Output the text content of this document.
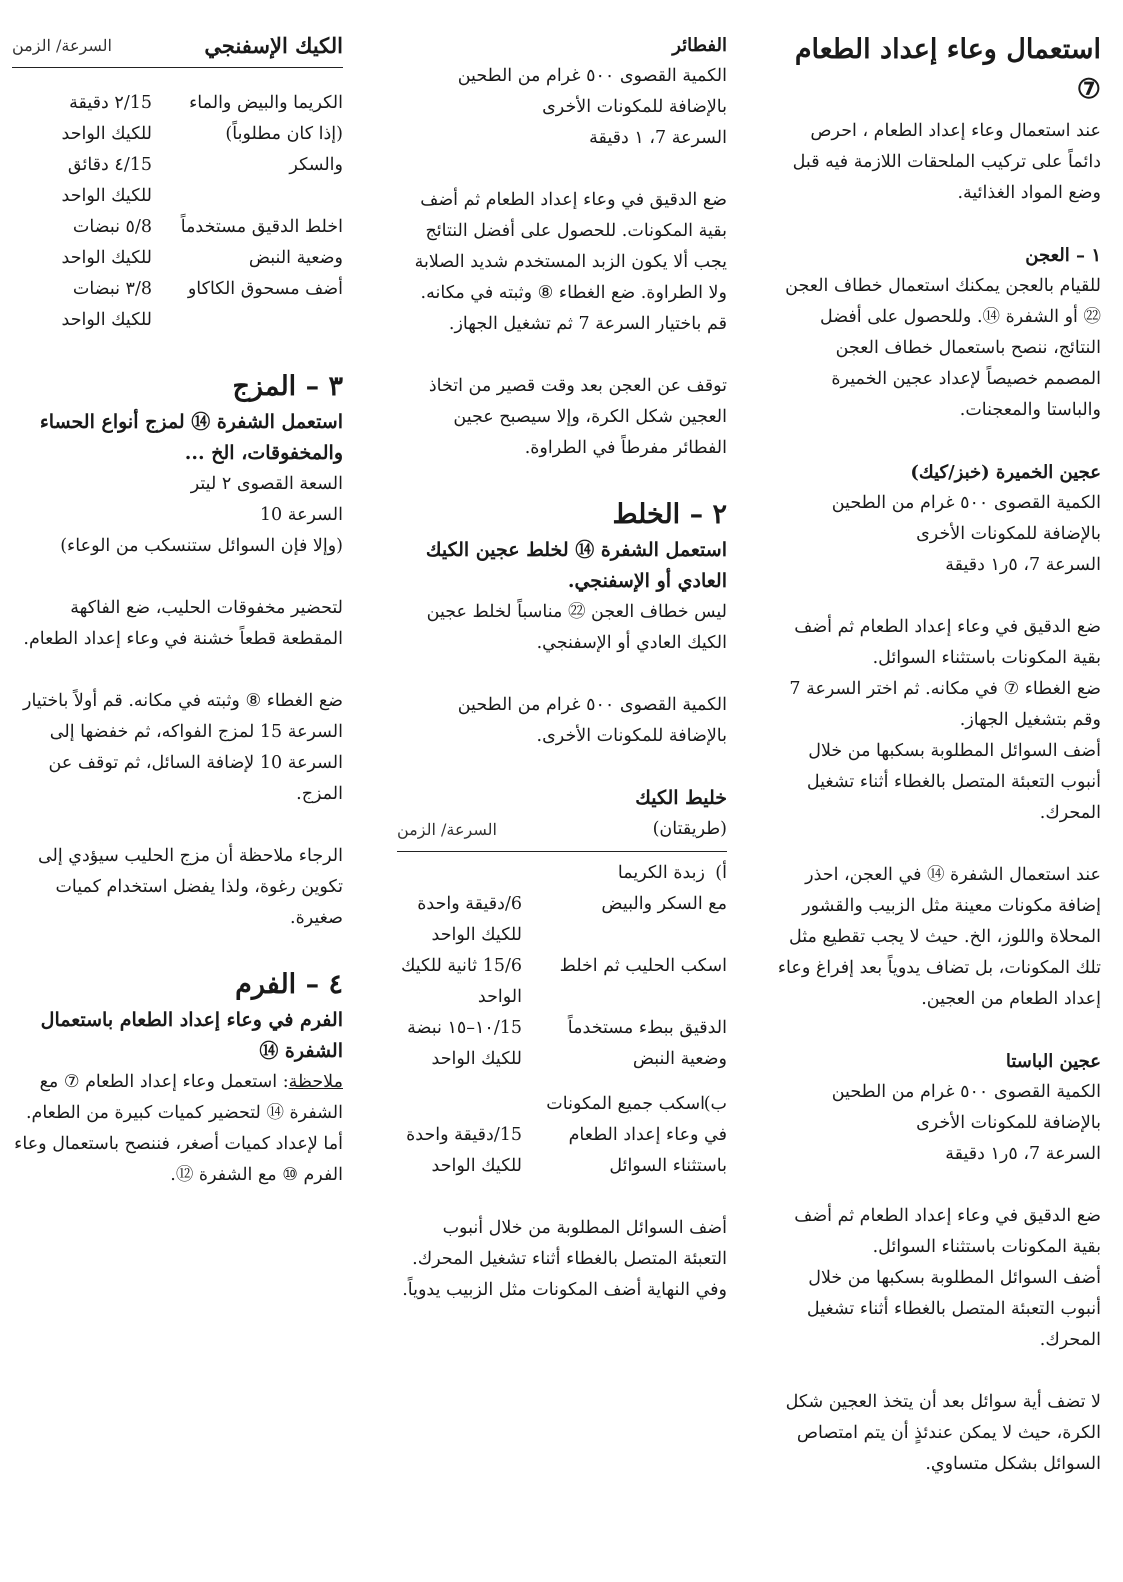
استعمال وعاء إعداد الطعام ⑦

عند استعمال وعاء إعداد الطعام ، احرص دائماً على تركيب الملحقات اللازمة فيه قبل وضع المواد الغذائية.

١ – العجن

للقيام بالعجن يمكنك استعمال خطاف العجن ㉒ أو الشفرة ⑭. وللحصول على أفضل النتائج، ننصح باستعمال خطاف العجن المصمم خصيصاً لإعداد عجين الخميرة والباستا والمعجنات.

عجين الخميرة (خبز/كيك)

الكمية القصوى ٥٠٠ غرام من الطحين بالإضافة للمكونات الأخرى

السرعة 7، ٥ر١ دقيقة

ضع الدقيق في وعاء إعداد الطعام ثم أضف بقية المكونات باستثناء السوائل.

ضع الغطاء ⑦ في مكانه. ثم اختر السرعة 7 وقم بتشغيل الجهاز.

أضف السوائل المطلوبة بسكبها من خلال أنبوب التعبئة المتصل بالغطاء أثناء تشغيل المحرك.

عند استعمال الشفرة ⑭ في العجن، احذر إضافة مكونات معينة مثل الزبيب والقشور المحلاة واللوز، الخ. حيث لا يجب تقطيع مثل تلك المكونات، بل تضاف يدوياً بعد إفراغ وعاء إعداد الطعام من العجين.

عجين الباستا

الكمية القصوى ٥٠٠ غرام من الطحين بالإضافة للمكونات الأخرى

السرعة 7، ٥ر١ دقيقة

ضع الدقيق في وعاء إعداد الطعام ثم أضف بقية المكونات باستثناء السوائل.

أضف السوائل المطلوبة بسكبها من خلال أنبوب التعبئة المتصل بالغطاء أثناء تشغيل المحرك.

لا تضف أية سوائل بعد أن يتخذ العجين شكل الكرة، حيث لا يمكن عندئذٍ أن يتم امتصاص السوائل بشكل متساوي.

الفطائر

الكمية القصوى ٥٠٠ غرام من الطحين بالإضافة للمكونات الأخرى

السرعة 7، ١ دقيقة

ضع الدقيق في وعاء إعداد الطعام ثم أضف بقية المكونات. للحصول على أفضل النتائج يجب ألا يكون الزبد المستخدم شديد الصلابة ولا الطراوة. ضع الغطاء ⑧ وثبته في مكانه. قم باختيار السرعة 7 ثم تشغيل الجهاز.

توقف عن العجن بعد وقت قصير من اتخاذ العجين شكل الكرة، وإلا سيصبح عجين الفطائر مفرطاً في الطراوة.

٢ – الخلط

استعمل الشفرة ⑭ لخلط عجين الكيك العادي أو الإسفنجي.

ليس خطاف العجن ㉒ مناسباً لخلط عجين الكيك العادي أو الإسفنجي.

الكمية القصوى ٥٠٠ غرام من الطحين بالإضافة للمكونات الأخرى.

خليط الكيك
(طريقتان)
السرعة/ الزمن

أ)زبدة الكريما

مع السكر والبيض
6/دقيقة واحدة للكيك الواحد
اسكب الحليب ثم اخلط
15/6 ثانية للكيك الواحد
الدقيق ببطء مستخدماً وضعية النبض
15/١٠–١٥ نبضة للكيك الواحد
ب)اسكب جميع المكونات في وعاء إعداد الطعام باستثناء السوائل
15/دقيقة واحدة للكيك الواحد

أضف السوائل المطلوبة من خلال أنبوب التعبئة المتصل بالغطاء أثناء تشغيل المحرك. وفي النهاية أضف المكونات مثل الزبيب يدوياً.

الكيك الإسفنجي
السرعة/ الزمن
الكريما والبيض والماء
15/٢ دقيقة
(إذا كان مطلوباً)
للكيك الواحد
والسكر
15/٤ دقائق
للكيك الواحد
اخلط الدقيق مستخدماً
8/٥ نبضات
وضعية النبض
للكيك الواحد
أضف مسحوق الكاكاو
8/٣ نبضات
للكيك الواحد
٣ – المزج

استعمل الشفرة ⑭ لمزج أنواع الحساء والمخفوقات، الخ ...

السعة القصوى ٢ ليتر

السرعة 10

(وإلا فإن السوائل ستنسكب من الوعاء)

لتحضير مخفوقات الحليب، ضع الفاكهة المقطعة قطعاً خشنة في وعاء إعداد الطعام.

ضع الغطاء ⑧ وثبته في مكانه. قم أولاً باختيار السرعة 15 لمزج الفواكه، ثم خفضها إلى السرعة 10 لإضافة السائل، ثم توقف عن المزج.

الرجاء ملاحظة أن مزج الحليب سيؤدي إلى تكوين رغوة، ولذا يفضل استخدام كميات صغيرة.

٤ – الفرم

الفرم في وعاء إعداد الطعام باستعمال الشفرة ⑭

ملاحظة: استعمل وعاء إعداد الطعام ⑦ مع الشفرة ⑭ لتحضير كميات كبيرة من الطعام. أما لإعداد كميات أصغر، فننصح باستعمال وعاء الفرم ⑩ مع الشفرة ⑫.
